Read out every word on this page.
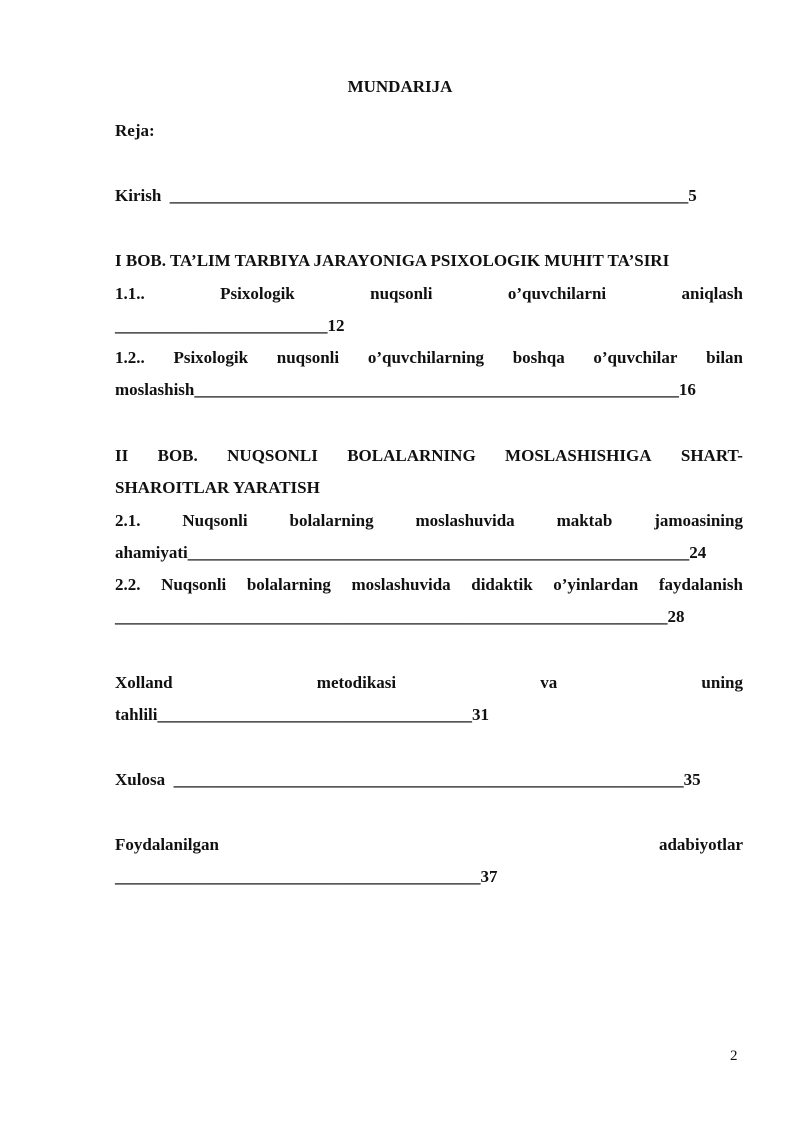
MUNDARIJA
Reja:
Kirish  _____________________________________________________________5
I BOB. TA’LIM TARBIYA JARAYONIGA PSIXOLOGIK MUHIT TA’SIRI
1.1..	Psixologik	nuqsonli	o’quvchilarni	aniqlash
_________________________12
1.2.. Psixologik nuqsonli o’quvchilarning boshqa o’quvchilar bilan
moslashish_________________________________________________________16
II BOB. NUQSONLI BOLALARNING MOSLASHISHIGA SHART-
SHAROITLAR YARATISH
2.1. Nuqsonli bolalarning moslashuvida maktab jamoasining
ahamiyati___________________________________________________________24
2.2. Nuqsonli bolalarning moslashuvida didaktik o’yinlardan faydalanish
_________________________________________________________________28
Xolland	metodikasi	va	uning
tahlili_____________________________________31
Xulosa  ____________________________________________________________35
Foydalanilgan	adabiyotlar
___________________________________________37
2
